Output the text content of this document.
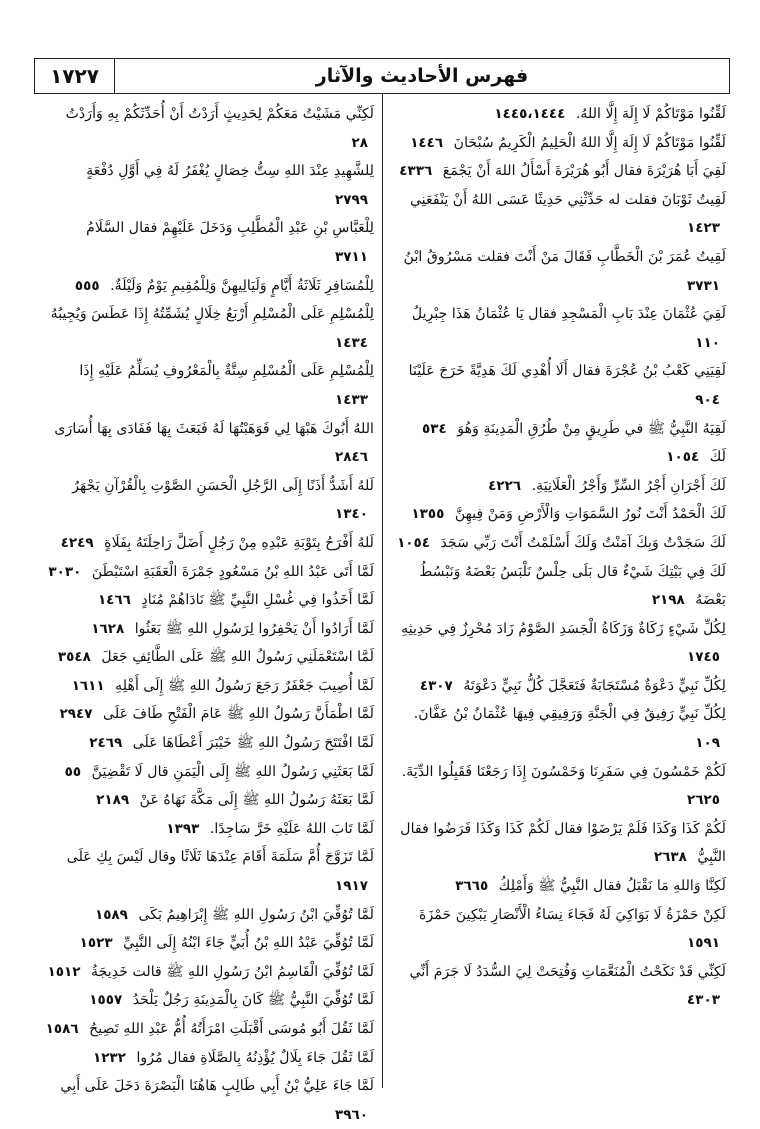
فهرس الأحاديث والآثار
١٧٢٧

لَقِّنُوا مَوْتَاكُمْ لَا إِلَهَ إِلَّا اللهُ. ١٤٤٥،١٤٤٤

لَقِّنُوا مَوْتَاكُمْ لَا إِلَهَ إِلَّا اللهُ الْحَلِيمُ الْكَرِيمُ سُبْحَانَ ١٤٤٦

لَقِيَ أَبَا هُرَيْرَةَ فقال أَبُو هُرَيْرَةَ أَسْأَلُ اللهَ أَنْ يَجْمَعَ ٤٣٣٦

لَقِيتُ ثَوْبَانَ فقلت له حَدِّثْنِي حَدِيثًا عَسَى اللهُ أَنْ يَنْفَعَنِي ١٤٢٣

لَقِيتُ عُمَرَ بْنَ الْخَطَّابِ فَقَالَ مَنْ أَنْتَ فقلت مَسْرُوقُ ابْنُ ٣٧٣١

لَقِيَ عُثْمَانَ عِنْدَ بَابِ الْمَسْجِدِ فقال يَا عُثْمَانُ هَذَا جِبْرِيلُ ١١٠

لَقِيَنِي كَعْبُ بْنُ عُجْرَةَ فقال أَلَا أُهْدِي لَكَ هَدِيَّةً خَرَجَ عَلَيْنَا ٩٠٤

لَقِيَهُ النَّبِيُّ ﷺ في طَرِيقٍ مِنْ طُرُقِ الْمَدِينَةِ وَهُوَ ٥٣٤

لَكَ ١٠٥٤

لَكَ أَجْرَانِ أَجْرُ السِّرِّ وَأَجْرُ الْعَلَانِيَةِ. ٤٢٢٦

لَكَ الْحَمْدُ أَنْتَ نُورُ السَّمَوَاتِ وَالْأَرْضِ وَمَنْ فِيهِنَّ ١٣٥٥

لَكَ سَجَدْتُ وَبِكَ آمَنْتُ وَلَكَ أَسْلَمْتُ أَنْتَ رَبِّي سَجَدَ ١٠٥٤

لَكَ فِي بَيْتِكَ شَيْءٌ قال بَلَى حِلْسٌ نَلْبَسُ بَعْضَهُ وَنَبْسُطُ بَعْضَهُ ٢١٩٨

لِكُلِّ شَيْءٍ زَكَاةٌ وَزَكَاةُ الْجَسَدِ الصَّوْمُ زَادَ مُحْرِزٌ فِي حَدِيثِهِ ١٧٤٥

لِكُلِّ نَبِيٍّ دَعْوَةٌ مُسْتَجَابَةٌ فَتَعَجَّلَ كُلُّ نَبِيٍّ دَعْوَتَهُ ٤٣٠٧

لِكُلِّ نَبِيٍّ رَفِيقٌ فِي الْجَنَّةِ وَرَفِيقِي فِيهَا عُثْمَانُ بْنُ عَفَّانَ. ١٠٩

لَكُمْ خَمْسُونَ فِي سَفَرِنَا وَخَمْسُونَ إِذَا رَجَعْنَا فَقَبِلُوا الدِّيَةَ. ٢٦٢٥

لَكُمْ كَذَا وَكَذَا فَلَمْ يَرْضَوْا فقال لَكُمْ كَذَا وَكَذَا فَرَضُوا فقال النَّبِيُّ ٢٦٣٨

لَكِنَّا وَاللهِ مَا نَقْبَلُ فقال النَّبِيُّ ﷺ وَأَمْلِكُ ٣٦٦٥

لَكِنْ حَمْزَةُ لَا بَوَاكِيَ لَهُ فَجَاءَ نِسَاءُ الْأَنْصَارِ يَبْكِينَ حَمْزَةَ ١٥٩١

لَكِنِّي قَدْ نَكَحْتُ الْمُنَعَّمَاتِ وَفُتِحَتْ لِيَ السُّدَدُ لَا جَرَمَ أَنِّي ٤٣٠٣

لَكِنِّي مَشَيْتُ مَعَكُمْ لِحَدِيثٍ أَرَدْتُ أَنْ أُحَدِّثَكُمْ بِهِ وَأَرَدْتُ ٢٨

لِلشَّهِيدِ عِنْدَ اللهِ سِتُّ خِصَالٍ يُغْفَرُ لَهُ فِي أَوَّلِ دُفْعَةٍ ٢٧٩٩

لِلْعَبَّاسِ بْنِ عَبْدِ الْمُطَّلِبِ وَدَخَلَ عَلَيْهِمْ فقال السَّلَامُ ٣٧١١

لِلْمُسَافِرِ ثَلَاثَةُ أَيَّامٍ وَلَيَالِيهِنَّ وَلِلْمُقِيمِ يَوْمٌ وَلَيْلَةٌ. ٥٥٥

لِلْمُسْلِمِ عَلَى الْمُسْلِمِ أَرْبَعُ خِلَالٍ يُشَمِّتُهُ إِذَا عَطَسَ وَيُجِيبُهُ ١٤٣٤

لِلْمُسْلِمِ عَلَى الْمُسْلِمِ سِتَّةٌ بِالْمَعْرُوفِ يُسَلِّمُ عَلَيْهِ إِذَا ١٤٣٣

اللهُ أَبُوكَ هَبْهَا لِي فَوَهَبْتُهَا لَهُ فَبَعَثَ بِهَا فَفَادَى بِهَا أُسَارَى ٢٨٤٦

لَلهُ أَشَدُّ أَذَنًا إِلَى الرَّجُلِ الْحَسَنِ الصَّوْتِ بِالْقُرْآنِ يَجْهَرُ ١٣٤٠

لَلهُ أَفْرَحُ بِتَوْبَةِ عَبْدِهِ مِنْ رَجُلٍ أَضَلَّ رَاحِلَتَهُ بِفَلَاةٍ ٤٢٤٩

لَمَّا أَتَى عَبْدُ اللهِ بْنُ مَسْعُودٍ جَمْرَةَ الْعَقَبَةِ اسْتَبْطَنَ ٣٠٣٠

لَمَّا أَخَذُوا فِي غُسْلِ النَّبِيِّ ﷺ نَادَاهُمْ مُنَادٍ ١٤٦٦

لَمَّا أَرَادُوا أَنْ يَحْفِرُوا لِرَسُولِ اللهِ ﷺ بَعَثُوا ١٦٢٨

لَمَّا اسْتَعْمَلَنِي رَسُولُ اللهِ ﷺ عَلَى الطَّائِفِ جَعَلَ ٣٥٤٨

لَمَّا أُصِيبَ جَعْفَرٌ رَجَعَ رَسُولُ اللهِ ﷺ إِلَى أَهْلِهِ ١٦١١

لَمَّا اطْمَأَنَّ رَسُولُ اللهِ ﷺ عَامَ الْفَتْحِ طَافَ عَلَى ٢٩٤٧

لَمَّا افْتَتَحَ رَسُولُ اللهِ ﷺ خَيْبَرَ أَعْطَاهَا عَلَى ٢٤٦٩

لَمَّا بَعَثَنِي رَسُولُ اللهِ ﷺ إِلَى الْيَمَنِ قال لَا تَقْضِيَنَّ ٥٥

لَمَّا بَعَثَهُ رَسُولُ اللهِ ﷺ إِلَى مَكَّةَ نَهَاهُ عَنْ ٢١٨٩

لَمَّا تَابَ اللهُ عَلَيْهِ خَرَّ سَاجِدًا. ١٣٩٣

لَمَّا تَزَوَّجَ أُمَّ سَلَمَةَ أَقَامَ عِنْدَهَا ثَلَاثًا وقال لَيْسَ بِكِ عَلَى ١٩١٧

لَمَّا تُوُفِّيَ ابْنُ رَسُولِ اللهِ ﷺ إِبْرَاهِيمُ بَكَى ١٥٨٩

لَمَّا تُوُفِّيَ عَبْدُ اللهِ بْنُ أُبَيٍّ جَاءَ ابْنُهُ إِلَى النَّبِيِّ ١٥٢٣

لَمَّا تُوُفِّيَ الْقَاسِمُ ابْنُ رَسُولِ اللهِ ﷺ قالت خَدِيجَةُ ١٥١٢

لَمَّا تُوُفِّيَ النَّبِيُّ ﷺ كَانَ بِالْمَدِينَةِ رَجُلٌ يَلْحَدُ ١٥٥٧

لَمَّا ثَقُلَ أَبُو مُوسَى أَقْبَلَتِ امْرَأَتُهُ أُمُّ عَبْدِ اللهِ تَصِيحُ ١٥٨٦

لَمَّا ثَقُلَ جَاءَ بِلَالٌ يُؤْذِنُهُ بِالصَّلَاةِ فقال مُرُوا ١٢٣٢

لَمَّا جَاءَ عَلِيُّ بْنُ أَبِي طَالِبٍ هَاهُنَا الْبَصْرَةَ دَخَلَ عَلَى أَبِي ٣٩٦٠
